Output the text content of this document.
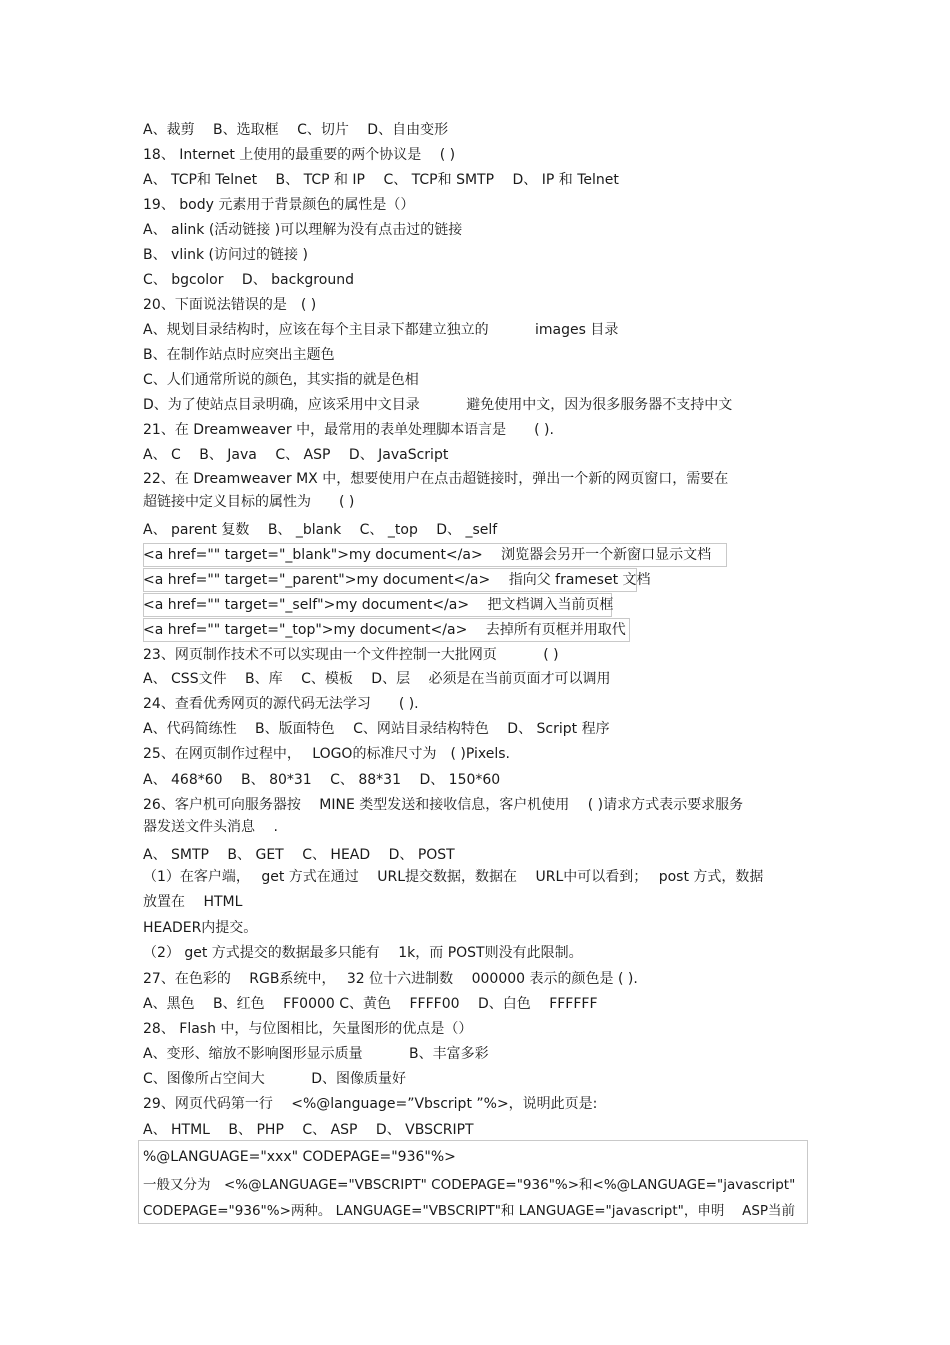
A、裁剪　 B、选取框　 C、切片　 D、自由变形
18、 Internet 上使用的最重要的两个协议是　 ( )
A、 TCP和 Telnet　 B、 TCP 和 IP　 C、 TCP和 SMTP　 D、 IP 和 Telnet
19、 body 元素用于背景颜色的属性是（）
A、 alink (活动链接 )可以理解为没有点击过的链接
B、 vlink (访问过的链接 )
C、 bgcolor　 D、 background
20、下面说法错误的是　( )
A、规划目录结构时，应该在每个主目录下都建立独立的　　　 images 目录
B、在制作站点时应突出主题色
C、人们通常所说的颜色，其实指的就是色相
D、为了使站点目录明确，应该采用中文目录　　　 避免使用中文，因为很多服务器不支持中文
21、在 Dreamweaver 中，最常用的表单处理脚本语言是　　( ).
A、 C　 B、 Java　 C、 ASP　 D、 JavaScript
22、在 Dreamweaver MX 中，想要使用户在点击超链接时，弹出一个新的网页窗口，需要在
超链接中定义目标的属性为　　( )
A、 parent 复数　 B、 _blank　 C、 _top　 D、 _self
<a href="" target="_blank">my document</a>　 浏览器会另开一个新窗口显示文档
<a href="" target="_parent">my document</a>　 指向父 frameset 文档
<a href="" target="_self">my document</a>　 把文档调入当前页框
<a href="" target="_top">my document</a>　 去掉所有页框并用取代
23、网页制作技术不可以实现由一个文件控制一大批网页　　　 ( )
A、 CSS文件　 B、库　 C、模板　 D、层　 必须是在当前页面才可以调用
24、查看优秀网页的源代码无法学习　　( ).
A、代码简练性　 B、版面特色　 C、网站目录结构特色　 D、 Script 程序
25、在网页制作过程中，　 LOGO的标准尺寸为　( )Pixels.
A、 468*60　 B、 80*31　 C、 88*31　 D、 150*60
26、客户机可向服务器按　 MINE 类型发送和接收信息，客户机使用　 ( )请求方式表示要求服务
器发送文件头消息　 .
A、 SMTP　 B、 GET　 C、 HEAD　 D、 POST
（1）在客户端，　 get 方式在通过　 URL提交数据，数据在　 URL中可以看到；　 post 方式，数据
放置在　 HTML
HEADER内提交。
（2） get 方式提交的数据最多只能有　 1k，而 POST则没有此限制。
27、在色彩的　 RGB系统中，　 32 位十六进制数　 000000 表示的颜色是 ( ).
A、黑色　 B、红色　 FF0000 C、黄色　 FFFF00　 D、白色　 FFFFFF
28、 Flash 中，与位图相比，矢量图形的优点是（）
A、变形、缩放不影响图形显示质量　　　 B、丰富多彩
C、图像所占空间大　　　 D、图像质量好
29、网页代码第一行　 <%@language=”Vbscript ”%>，说明此页是:
A、 HTML　 B、 PHP　 C、 ASP　 D、 VBSCRIPT
%@LANGUAGE="xxx" CODEPAGE="936"%>
一般又分为　<%@LANGUAGE="VBSCRIPT" CODEPAGE="936"%>和<%@LANGUAGE="javascript"
CODEPAGE="936"%>两种。 LANGUAGE="VBSCRIPT"和 LANGUAGE="javascript"，申明　 ASP当前
